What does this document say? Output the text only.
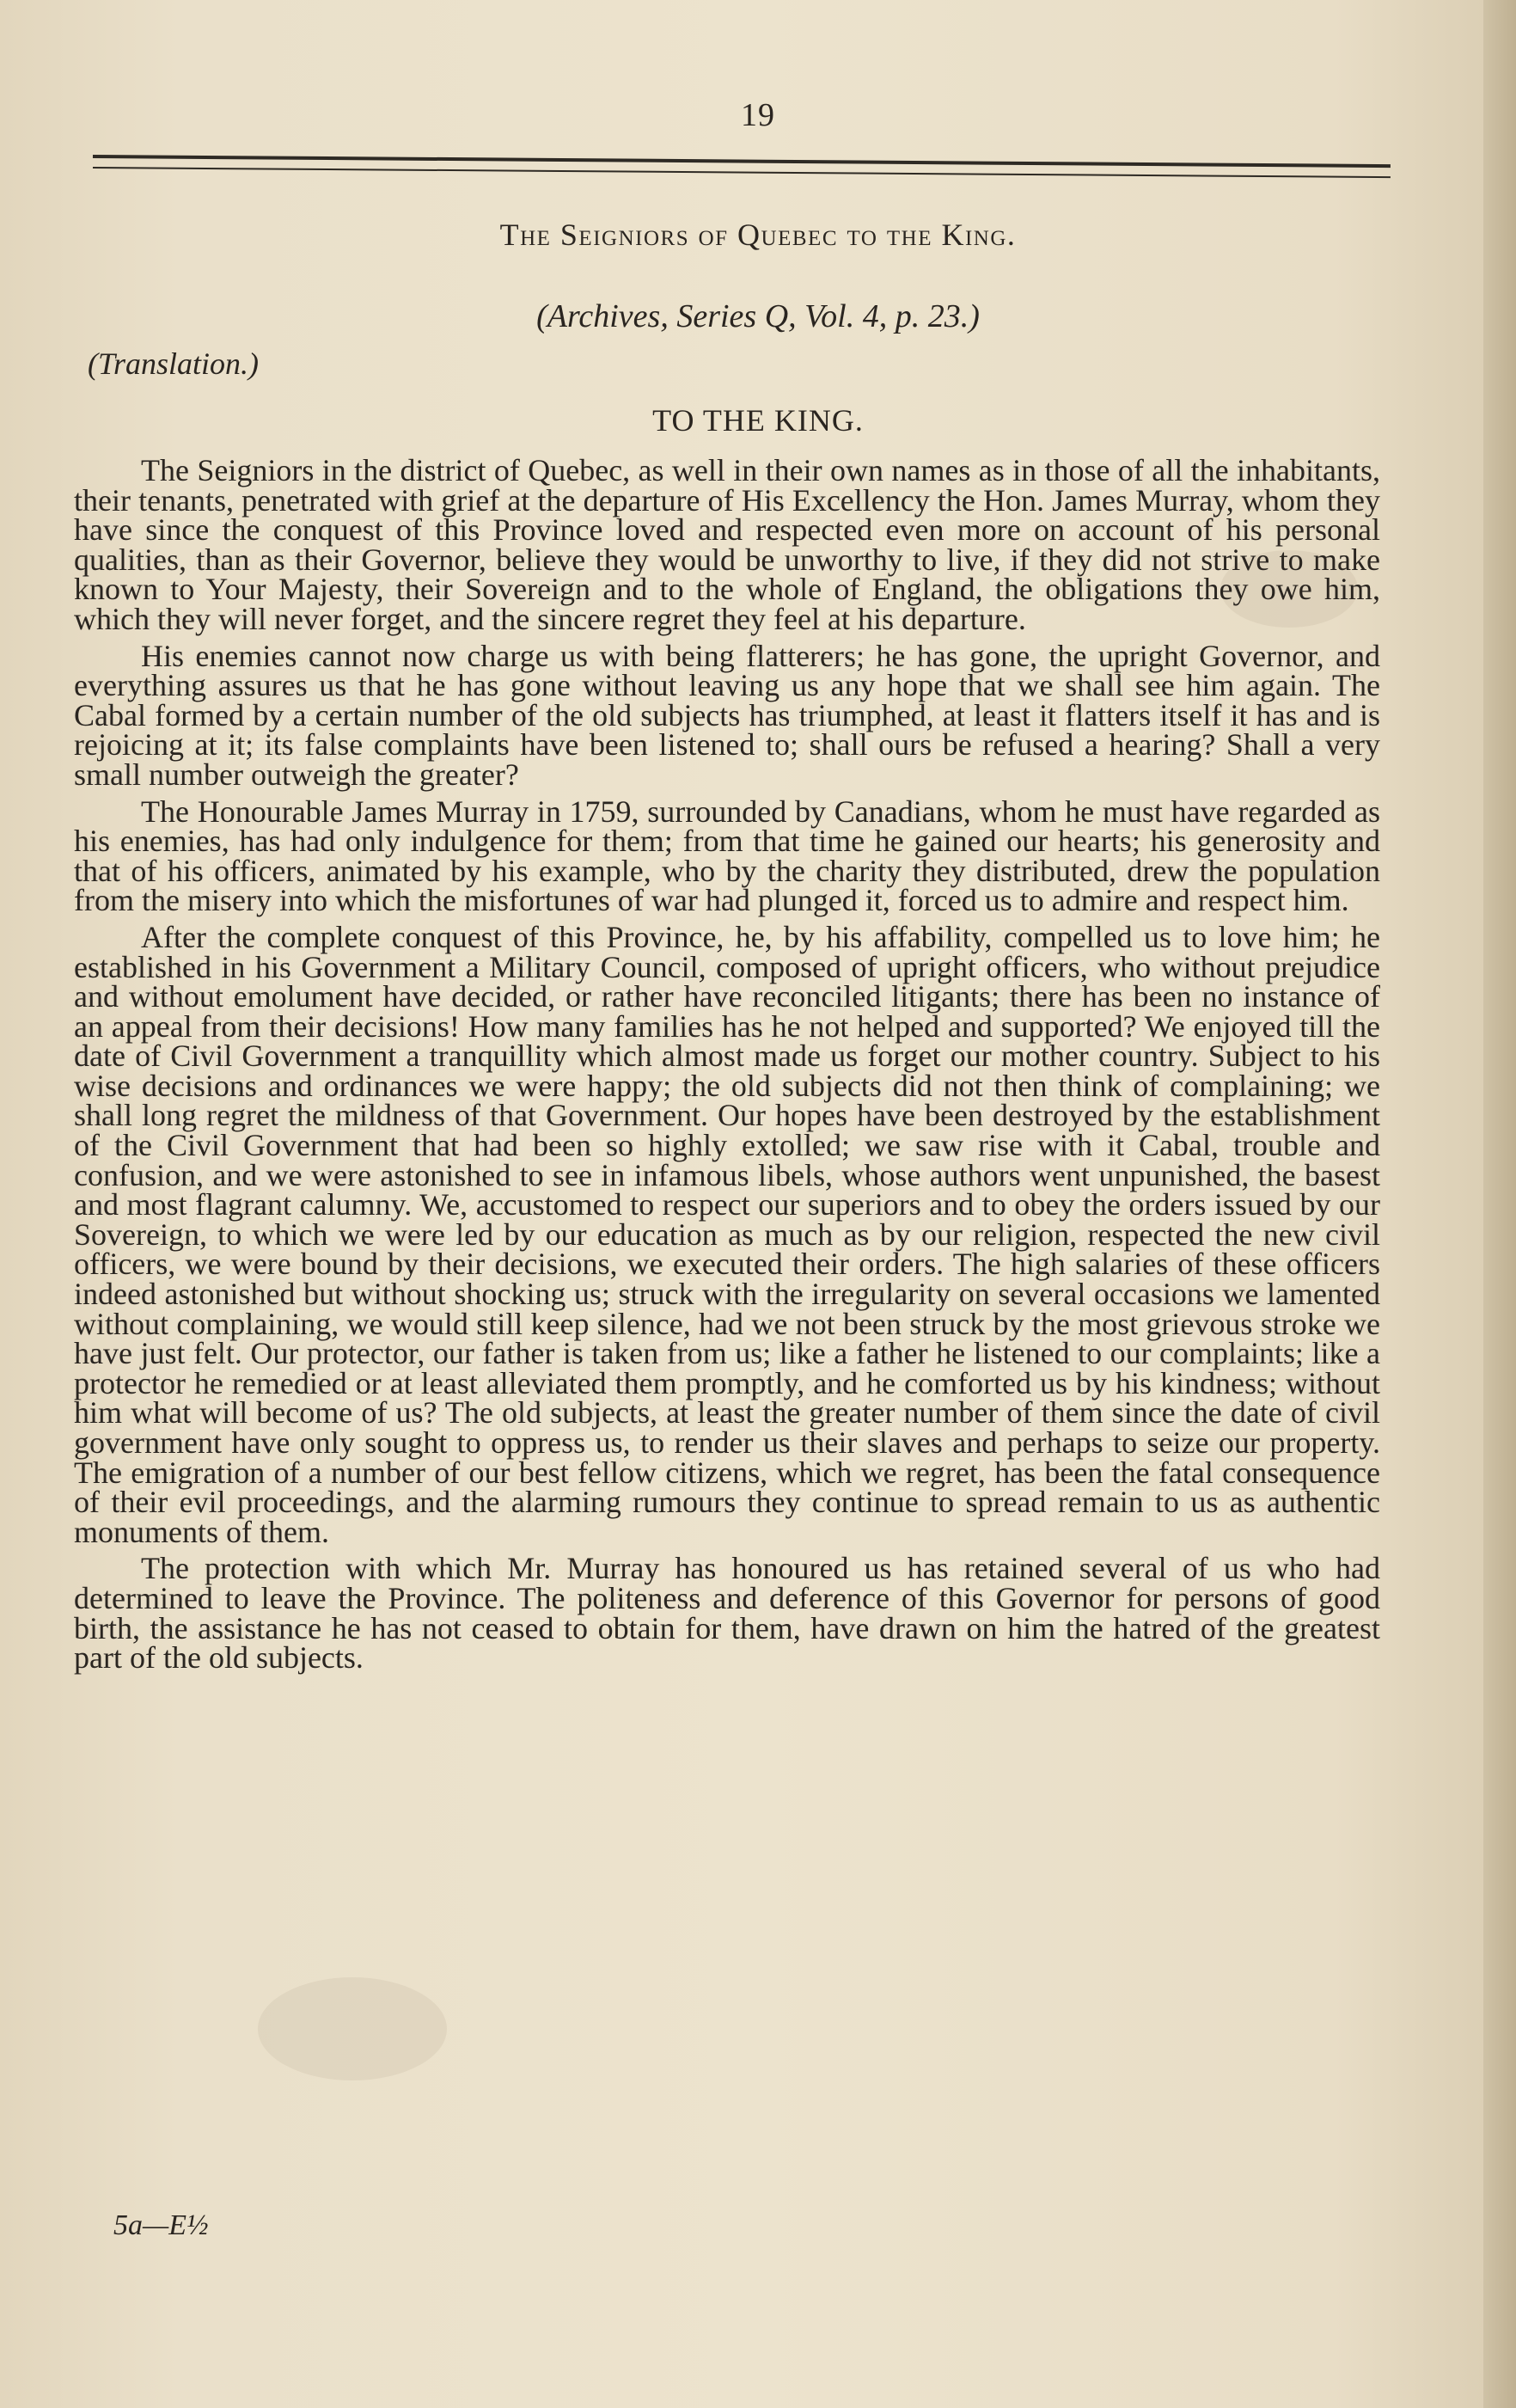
19
The Seigniors of Quebec to the King.
(Archives, Series Q, Vol. 4, p. 23.)
(Translation.)
TO THE KING.

The Seigniors in the district of Quebec, as well in their own names as in those of all the inhabitants, their tenants, penetrated with grief at the departure of His Excellency the Hon. James Murray, whom they have since the conquest of this Province loved and respected even more on account of his personal qualities, than as their Governor, believe they would be unworthy to live, if they did not strive to make known to Your Majesty, their Sovereign and to the whole of England, the obligations they owe him, which they will never forget, and the sincere regret they feel at his departure.

His enemies cannot now charge us with being flatterers; he has gone, the upright Governor, and everything assures us that he has gone without leaving us any hope that we shall see him again. The Cabal formed by a certain number of the old subjects has triumphed, at least it flatters itself it has and is rejoicing at it; its false complaints have been listened to; shall ours be refused a hearing? Shall a very small number outweigh the greater?

The Honourable James Murray in 1759, surrounded by Canadians, whom he must have regarded as his enemies, has had only indulgence for them; from that time he gained our hearts; his generosity and that of his officers, animated by his example, who by the charity they distributed, drew the population from the misery into which the misfortunes of war had plunged it, forced us to admire and respect him.

After the complete conquest of this Province, he, by his affability, compelled us to love him; he established in his Government a Military Council, composed of upright officers, who without prejudice and without emolument have decided, or rather have reconciled litigants; there has been no instance of an appeal from their decisions! How many families has he not helped and supported? We enjoyed till the date of Civil Government a tranquillity which almost made us forget our mother country. Subject to his wise decisions and ordinances we were happy; the old subjects did not then think of complaining; we shall long regret the mildness of that Government. Our hopes have been destroyed by the establishment of the Civil Government that had been so highly extolled; we saw rise with it Cabal, trouble and confusion, and we were astonished to see in infamous libels, whose authors went unpunished, the basest and most flagrant calumny. We, accustomed to respect our superiors and to obey the orders issued by our Sovereign, to which we were led by our education as much as by our religion, respected the new civil officers, we were bound by their decisions, we executed their orders. The high salaries of these officers indeed astonished but without shocking us; struck with the irregularity on several occasions we lamented without complaining, we would still keep silence, had we not been struck by the most grievous stroke we have just felt. Our protector, our father is taken from us; like a father he listened to our complaints; like a protector he remedied or at least alleviated them promptly, and he comforted us by his kindness; without him what will become of us? The old subjects, at least the greater number of them since the date of civil government have only sought to oppress us, to render us their slaves and perhaps to seize our property. The emigration of a number of our best fellow citizens, which we regret, has been the fatal consequence of their evil proceedings, and the alarming rumours they continue to spread remain to us as authentic monuments of them.

The protection with which Mr. Murray has honoured us has retained several of us who had determined to leave the Province. The politeness and deference of this Governor for persons of good birth, the assistance he has not ceased to obtain for them, have drawn on him the hatred of the greatest part of the old subjects.

5a—E½
